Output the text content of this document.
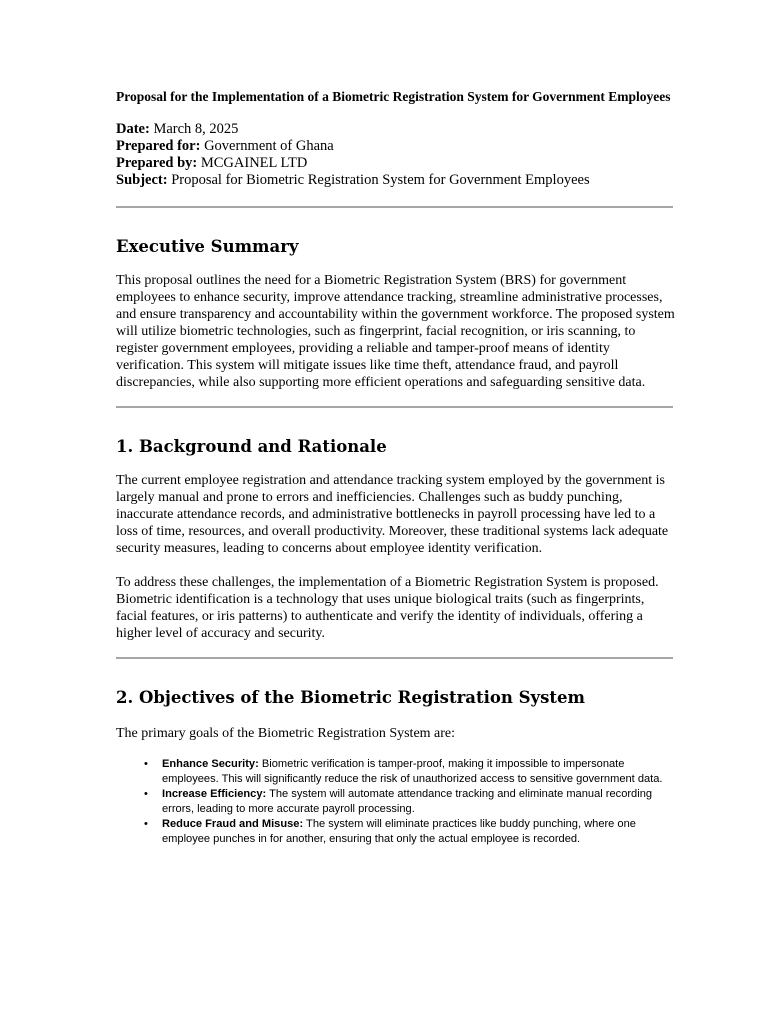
Proposal for the Implementation of a Biometric Registration System for Government Employees

Date: March 8, 2025
Prepared for: Government of Ghana
Prepared by: MCGAINEL LTD
Subject: Proposal for Biometric Registration System for Government Employees
Executive Summary

This proposal outlines the need for a Biometric Registration System (BRS) for government employees to enhance security, improve attendance tracking, streamline administrative processes, and ensure transparency and accountability within the government workforce. The proposed system will utilize biometric technologies, such as fingerprint, facial recognition, or iris scanning, to register government employees, providing a reliable and tamper-proof means of identity verification. This system will mitigate issues like time theft, attendance fraud, and payroll discrepancies, while also supporting more efficient operations and safeguarding sensitive data.

1. Background and Rationale

The current employee registration and attendance tracking system employed by the government is largely manual and prone to errors and inefficiencies. Challenges such as buddy punching, inaccurate attendance records, and administrative bottlenecks in payroll processing have led to a loss of time, resources, and overall productivity. Moreover, these traditional systems lack adequate security measures, leading to concerns about employee identity verification.

To address these challenges, the implementation of a Biometric Registration System is proposed. Biometric identification is a technology that uses unique biological traits (such as fingerprints, facial features, or iris patterns) to authenticate and verify the identity of individuals, offering a higher level of accuracy and security.

2. Objectives of the Biometric Registration System

The primary goals of the Biometric Registration System are:

• Enhance Security: Biometric verification is tamper-proof, making it impossible to impersonate employees. This will significantly reduce the risk of unauthorized access to sensitive government data.
• Increase Efficiency: The system will automate attendance tracking and eliminate manual recording errors, leading to more accurate payroll processing.
• Reduce Fraud and Misuse: The system will eliminate practices like buddy punching, where one employee punches in for another, ensuring that only the actual employee is recorded.
